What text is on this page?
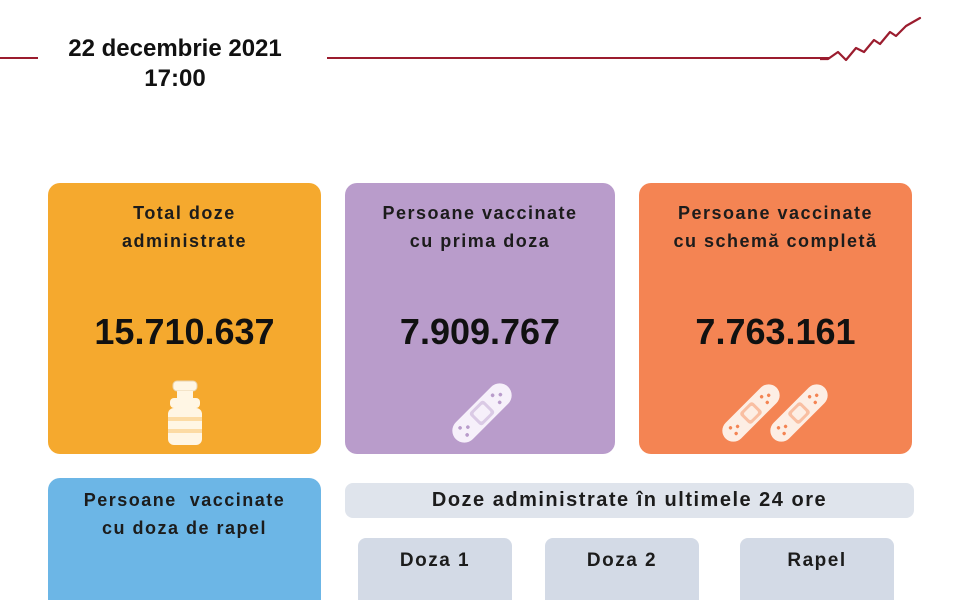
22 decembrie 2021
17:00
Total doze
administrate
15.710.637
Persoane vaccinate
cu prima doza
7.909.767
Persoane vaccinate
cu schemă completă
7.763.161
Persoane  vaccinate
cu doza de rapel
Doze administrate în ultimele 24 ore
Doza 1	Doza 2	Rapel
